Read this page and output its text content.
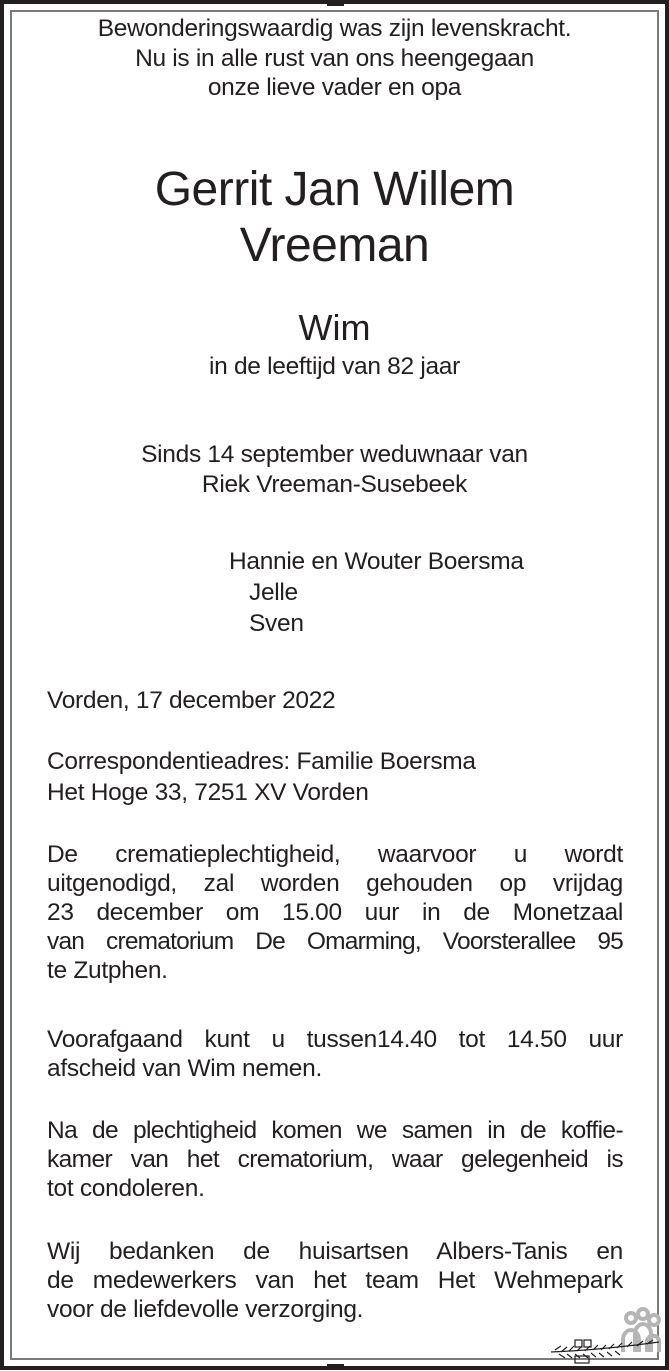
Bewonderingswaardig was zijn levenskracht.
Nu is in alle rust van ons heengegaan
onze lieve vader en opa
Gerrit Jan Willem
Vreeman
Wim
in de leeftijd van 82 jaar
Sinds 14 september weduwnaar van
Riek Vreeman-Susebeek
Hannie en Wouter Boersma
Jelle
Sven
Vorden, 17 december 2022
Correspondentieadres: Familie Boersma
Het Hoge 33, 7251 XV Vorden
De crematieplechtigheid, waarvoor u wordt
uitgenodigd, zal worden gehouden op vrijdag
23 december om 15.00 uur in de Monetzaal
van crematorium De Omarming, Voorsterallee 95
te Zutphen.
Voorafgaand kunt u tussen14.40 tot 14.50 uur
afscheid van Wim nemen.
Na de plechtigheid komen we samen in de koffie-
kamer van het crematorium, waar gelegenheid is
tot condoleren.
Wij bedanken de huisartsen Albers-Tanis en
de medewerkers van het team Het Wehmepark
voor de liefdevolle verzorging.
